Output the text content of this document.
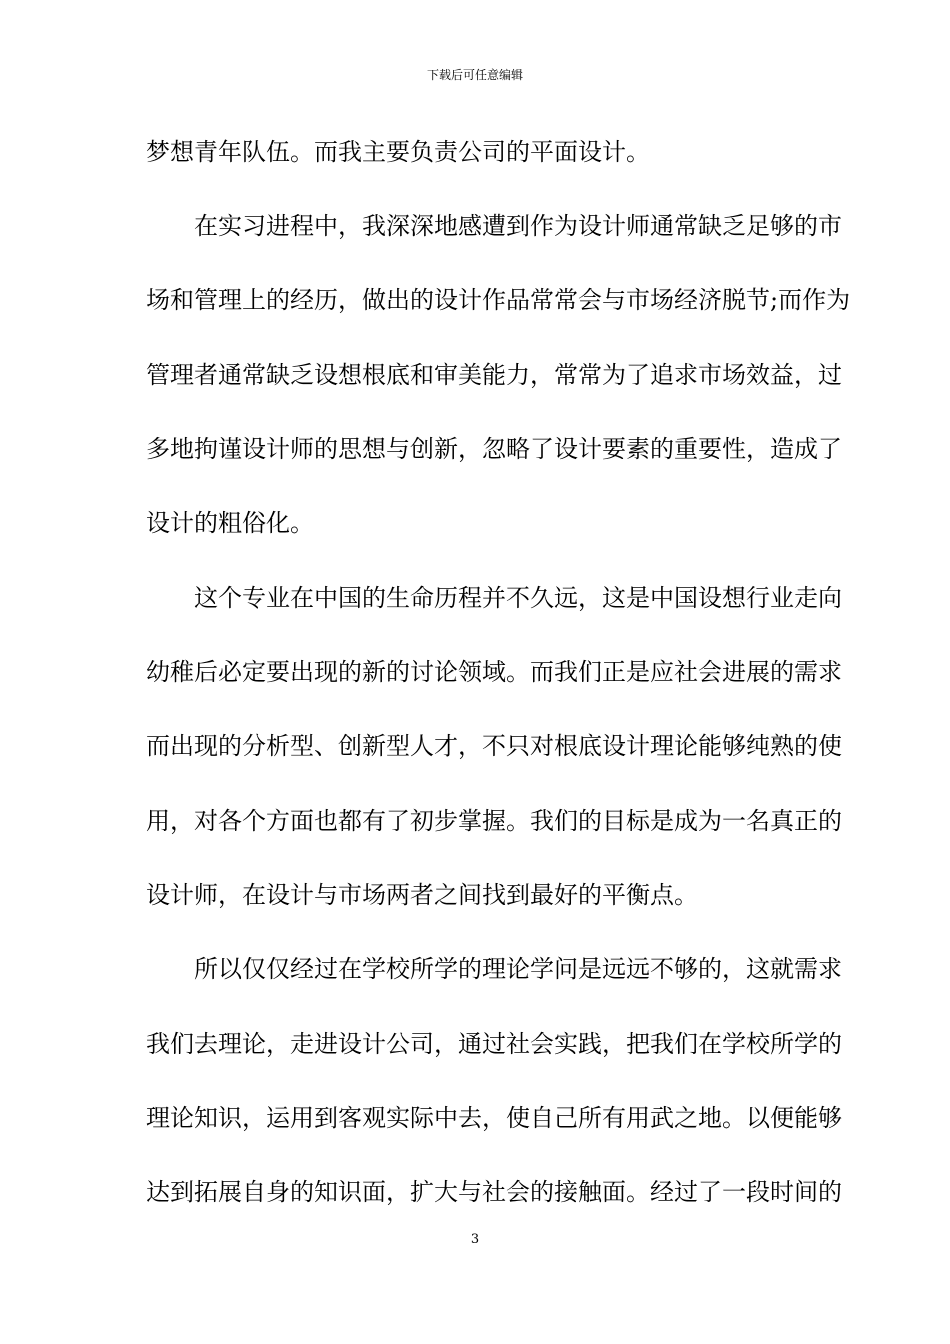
下载后可任意编辑
梦想青年队伍。而我主要负责公司的平面设计。
在实习进程中，我深深地感遭到作为设计师通常缺乏足够的市
场和管理上的经历，做出的设计作品常常会与市场经济脱节;而作为
管理者通常缺乏设想根底和审美能力，常常为了追求市场效益，过
多地拘谨设计师的思想与创新，忽略了设计要素的重要性，造成了
设计的粗俗化。
这个专业在中国的生命历程并不久远，这是中国设想行业走向
幼稚后必定要出现的新的讨论领域。而我们正是应社会进展的需求
而出现的分析型、创新型人才，不只对根底设计理论能够纯熟的使
用，对各个方面也都有了初步掌握。我们的目标是成为一名真正的
设计师，在设计与市场两者之间找到最好的平衡点。
所以仅仅经过在学校所学的理论学问是远远不够的，这就需求
我们去理论，走进设计公司，通过社会实践，把我们在学校所学的
理论知识，运用到客观实际中去，使自己所有用武之地。以便能够
达到拓展自身的知识面，扩大与社会的接触面。经过了一段时间的
3
